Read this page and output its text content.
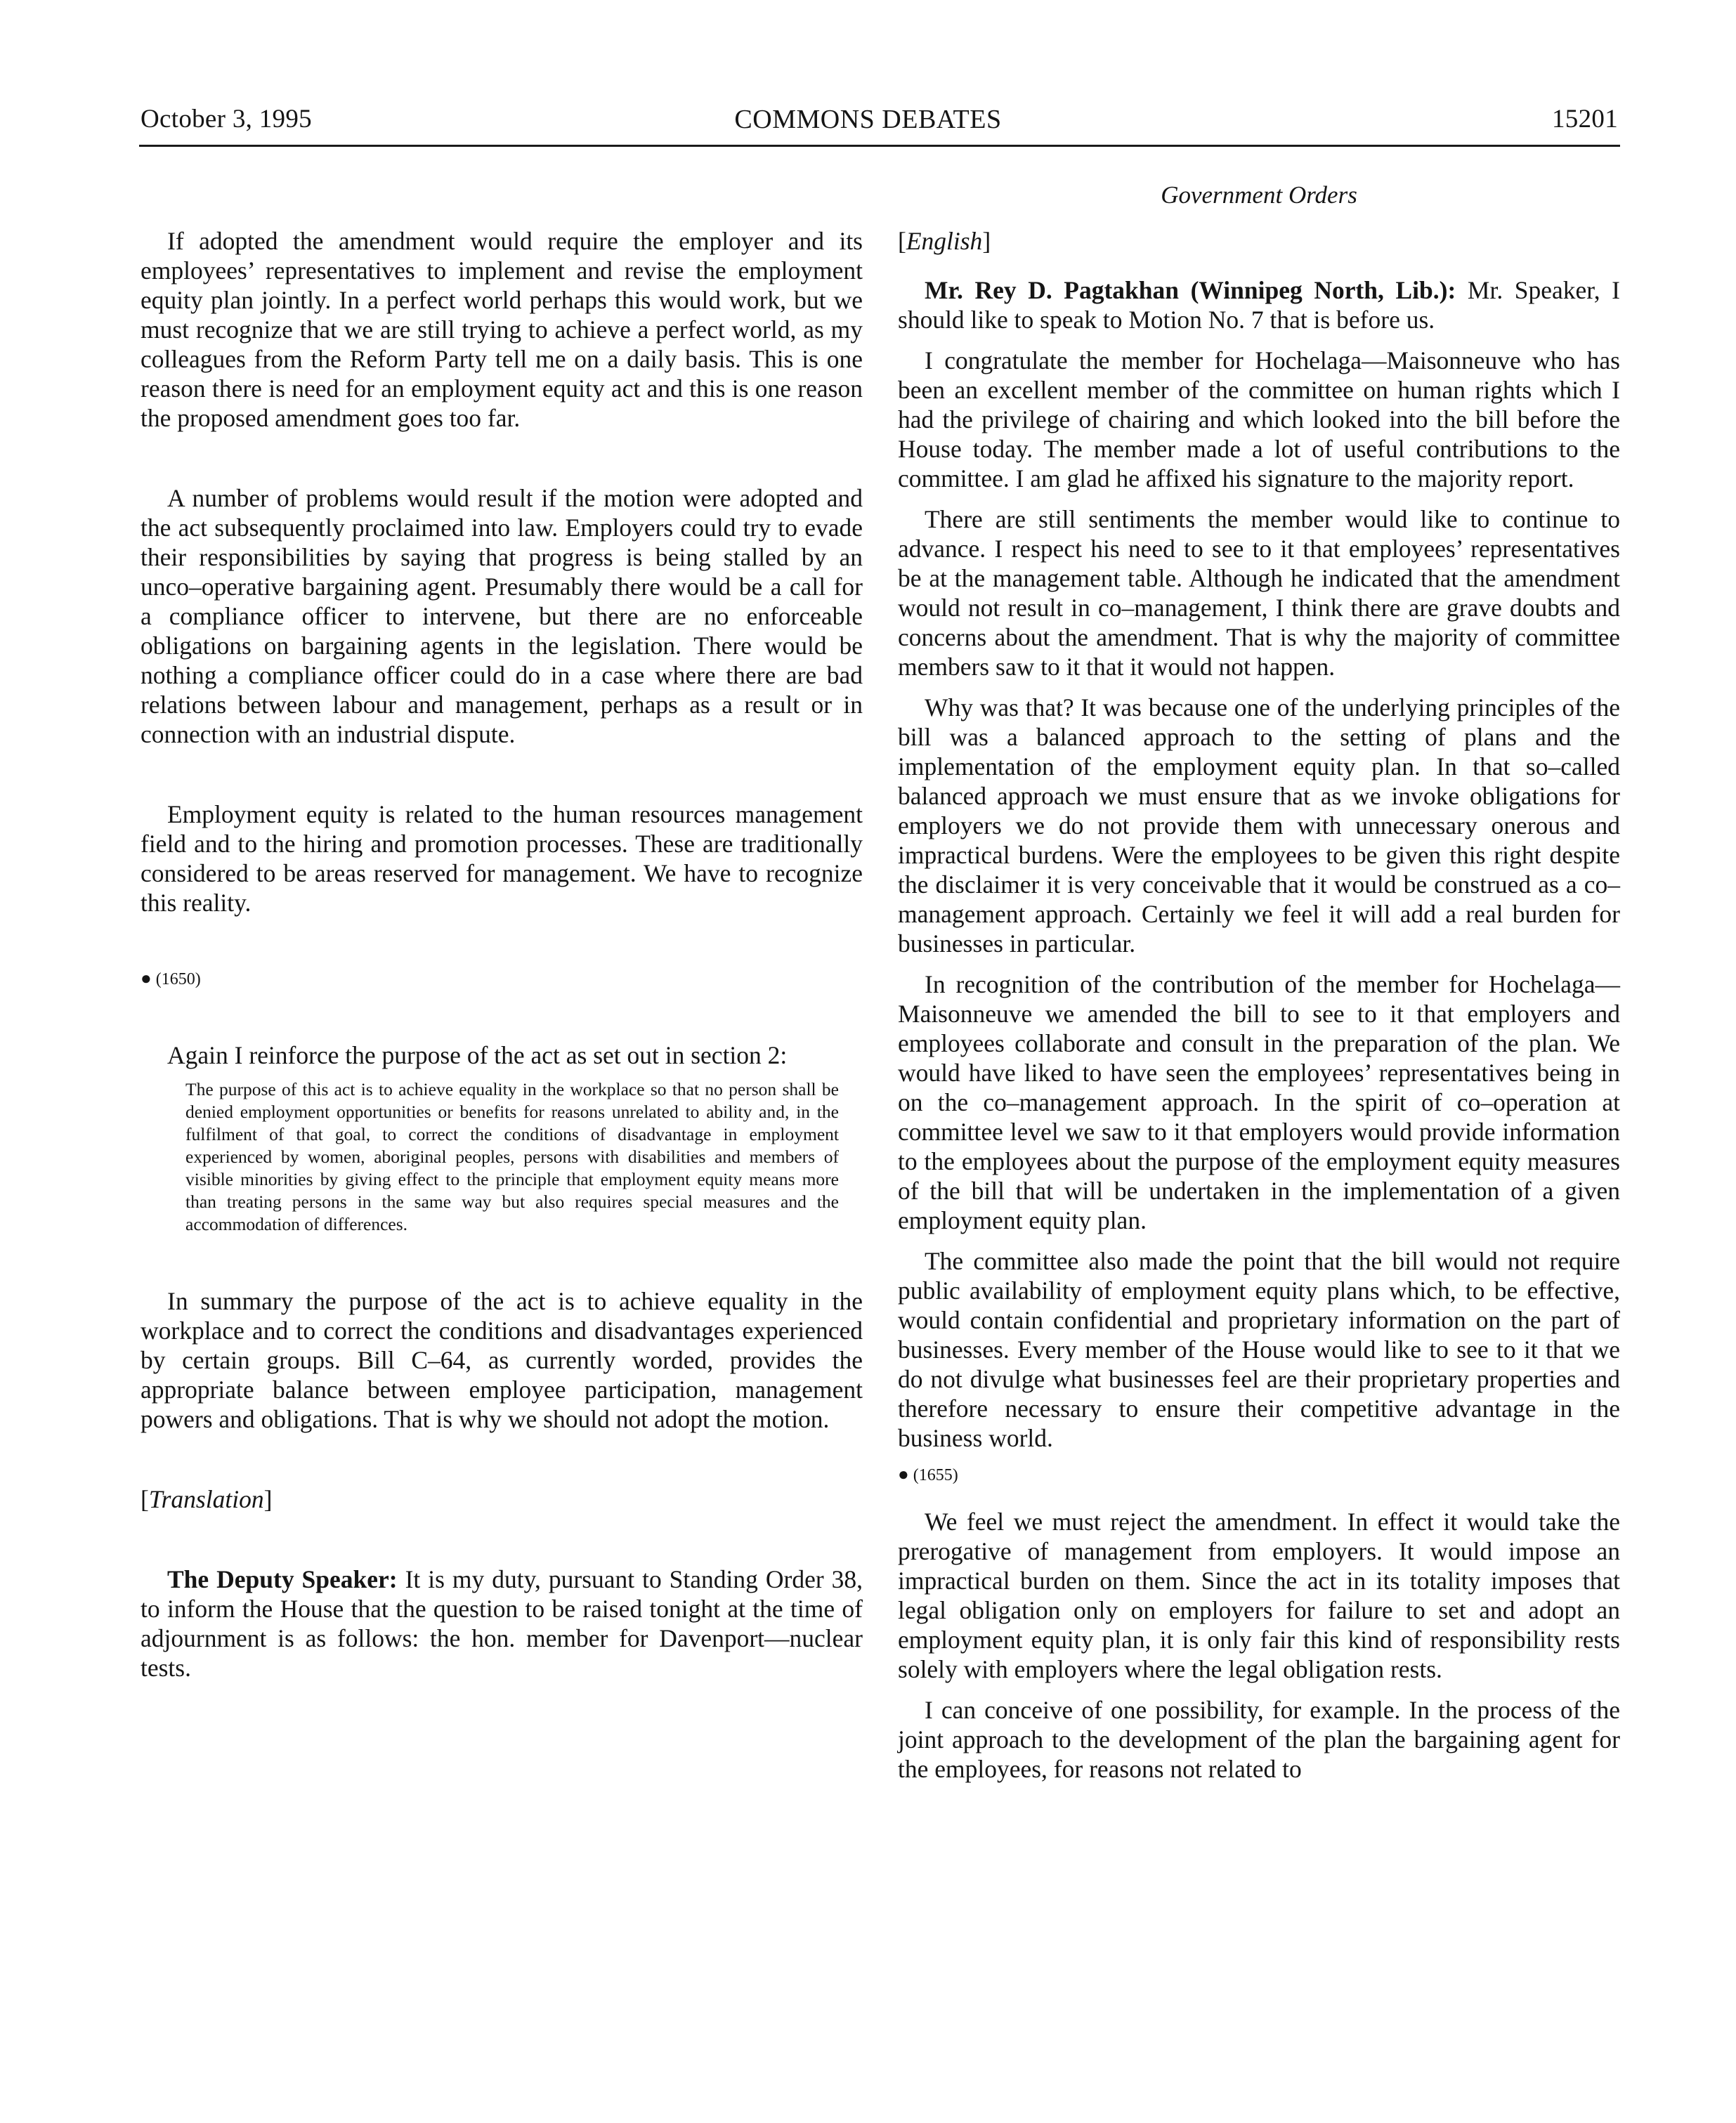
October 3, 1995	COMMONS DEBATES	15201
Government Orders

If adopted the amendment would require the employer and its employees’ representatives to implement and revise the employment equity plan jointly. In a perfect world perhaps this would work, but we must recognize that we are still trying to achieve a perfect world, as my colleagues from the Reform Party tell me on a daily basis. This is one reason there is need for an employment equity act and this is one reason the proposed amendment goes too far.

A number of problems would result if the motion were adopted and the act subsequently proclaimed into law. Employers could try to evade their responsibilities by saying that progress is being stalled by an unco–operative bargaining agent. Presumably there would be a call for a compliance officer to intervene, but there are no enforceable obligations on bargaining agents in the legislation. There would be nothing a compliance officer could do in a case where there are bad relations between labour and management, perhaps as a result or in connection with an industrial dispute.

Employment equity is related to the human resources management field and to the hiring and promotion processes. These are traditionally considered to be areas reserved for management. We have to recognize this reality.

● (1650)

Again I reinforce the purpose of the act as set out in section 2:

The purpose of this act is to achieve equality in the workplace so that no person shall be denied employment opportunities or benefits for reasons unrelated to ability and, in the fulfilment of that goal, to correct the conditions of disadvantage in employment experienced by women, aboriginal peoples, persons with disabilities and members of visible minorities by giving effect to the principle that employment equity means more than treating persons in the same way but also requires special measures and the accommodation of differences.

In summary the purpose of the act is to achieve equality in the workplace and to correct the conditions and disadvantages experienced by certain groups. Bill C–64, as currently worded, provides the appropriate balance between employee participation, management powers and obligations. That is why we should not adopt the motion.

[Translation]

The Deputy Speaker: It is my duty, pursuant to Standing Order 38, to inform the House that the question to be raised tonight at the time of adjournment is as follows: the hon. member for Davenport—nuclear tests.

[English]

Mr. Rey D. Pagtakhan (Winnipeg North, Lib.): Mr. Speaker, I should like to speak to Motion No. 7 that is before us.

I congratulate the member for Hochelaga—Maisonneuve who has been an excellent member of the committee on human rights which I had the privilege of chairing and which looked into the bill before the House today. The member made a lot of useful contributions to the committee. I am glad he affixed his signature to the majority report.

There are still sentiments the member would like to continue to advance. I respect his need to see to it that employees’ representatives be at the management table. Although he indicated that the amendment would not result in co–management, I think there are grave doubts and concerns about the amendment. That is why the majority of committee members saw to it that it would not happen.

Why was that? It was because one of the underlying principles of the bill was a balanced approach to the setting of plans and the implementation of the employment equity plan. In that so–called balanced approach we must ensure that as we invoke obligations for employers we do not provide them with unnecessary onerous and impractical burdens. Were the employees to be given this right despite the disclaimer it is very conceivable that it would be construed as a co–management approach. Certainly we feel it will add a real burden for businesses in particular.

In recognition of the contribution of the member for Hochelaga—Maisonneuve we amended the bill to see to it that employers and employees collaborate and consult in the preparation of the plan. We would have liked to have seen the employees’ representatives being in on the co–management approach. In the spirit of co–operation at committee level we saw to it that employers would provide information to the employees about the purpose of the employment equity measures of the bill that will be undertaken in the implementation of a given employment equity plan.

The committee also made the point that the bill would not require public availability of employment equity plans which, to be effective, would contain confidential and proprietary information on the part of businesses. Every member of the House would like to see to it that we do not divulge what businesses feel are their proprietary properties and therefore necessary to ensure their competitive advantage in the business world.

● (1655)

We feel we must reject the amendment. In effect it would take the prerogative of management from employers. It would impose an impractical burden on them. Since the act in its totality imposes that legal obligation only on employers for failure to set and adopt an employment equity plan, it is only fair this kind of responsibility rests solely with employers where the legal obligation rests.

I can conceive of one possibility, for example. In the process of the joint approach to the development of the plan the bargaining agent for the employees, for reasons not related to
